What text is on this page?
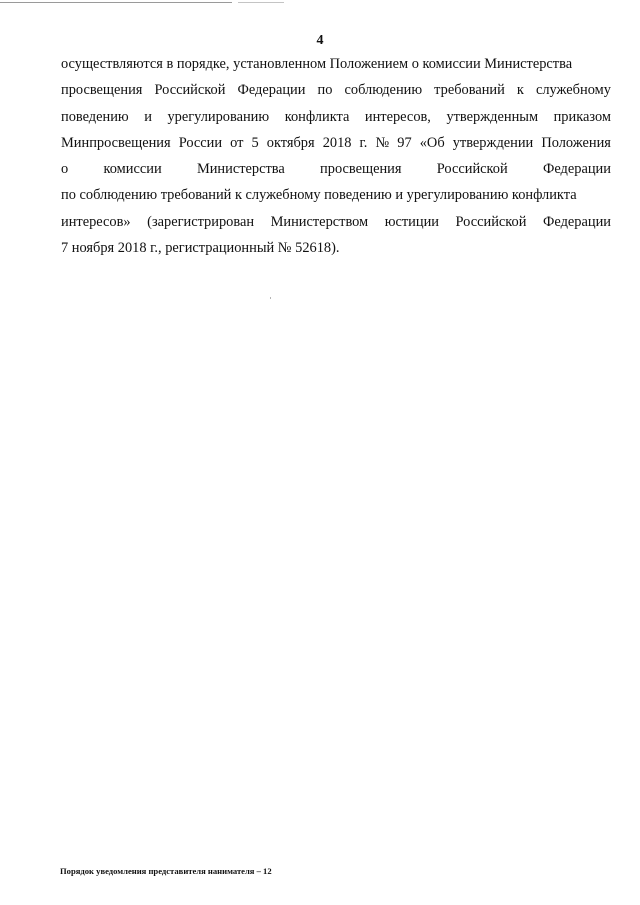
4
осуществляются в порядке, установленном Положением о комиссии Министерства
просвещения Российской Федерации по соблюдению требований к служебному
поведению и урегулированию конфликта интересов, утвержденным приказом
Минпросвещения России от 5 октября 2018 г. № 97 «Об утверждении Положения
о комиссии Министерства просвещения Российской Федерации
по соблюдению требований к служебному поведению и урегулированию конфликта
интересов» (зарегистрирован Министерством юстиции Российской Федерации
7 ноября 2018 г., регистрационный № 52618).
Порядок уведомления представителя нанимателя – 12
